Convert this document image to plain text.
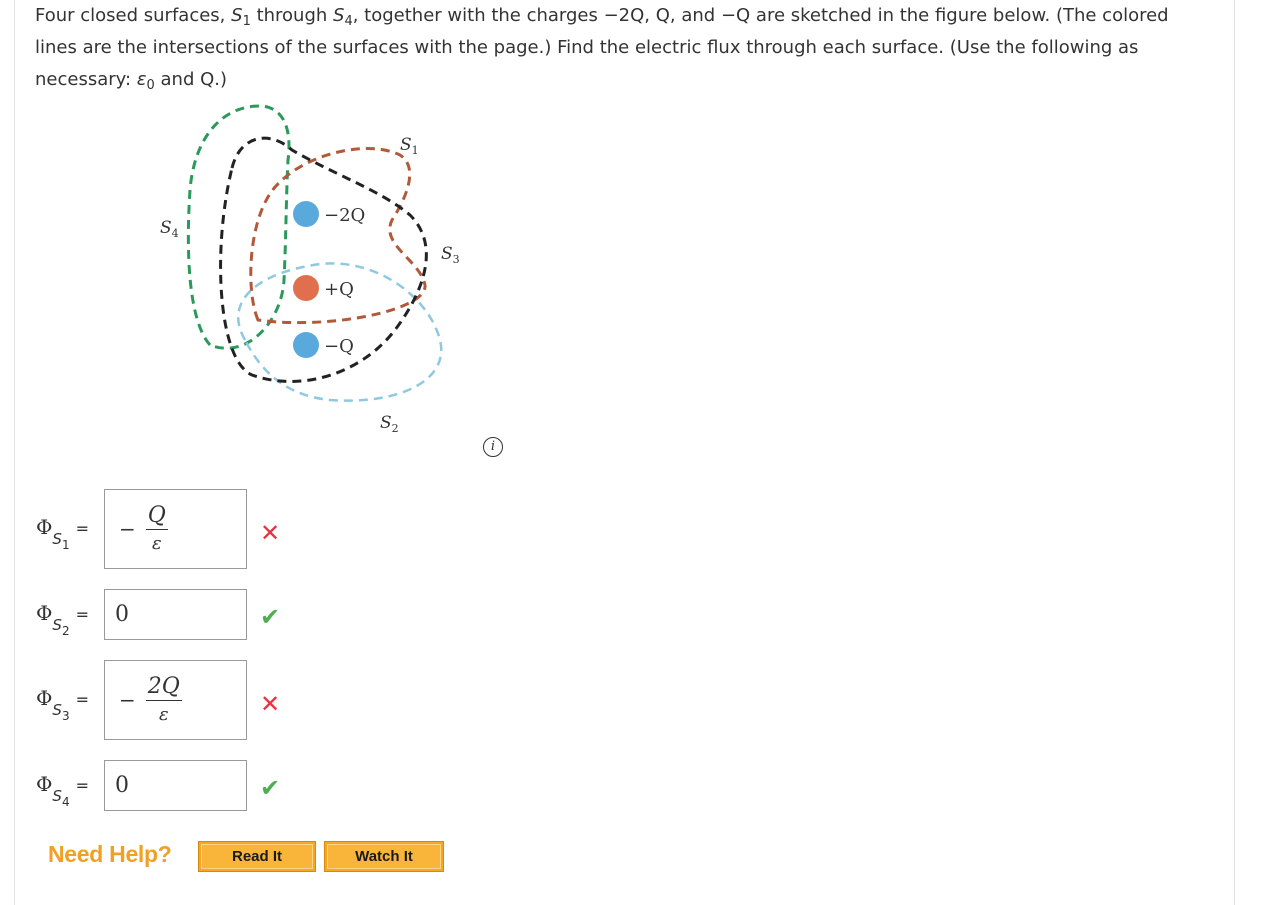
Four closed surfaces, $S_1$ through $S_4$, together with the charges −2Q, Q, and −Q are sketched in the figure below. (The colored lines are the intersections of the surfaces with the page.) Find the electric flux through each surface. (Use the following as necessary: $\varepsilon_0$ and Q.)
−2Q
+Q
−Q
$S_1$
$S_2$
$S_3$
$S_4$
i
$\Phi_{S_1}= - \frac{Q}{\varepsilon}$	✕
$\Phi_{S_2}= 0$	✔
$\Phi_{S_3}= - \frac{2Q}{\varepsilon}$	✕
$\Phi_{S_4}= 0$	✔
Need Help?	Read It	Watch It
